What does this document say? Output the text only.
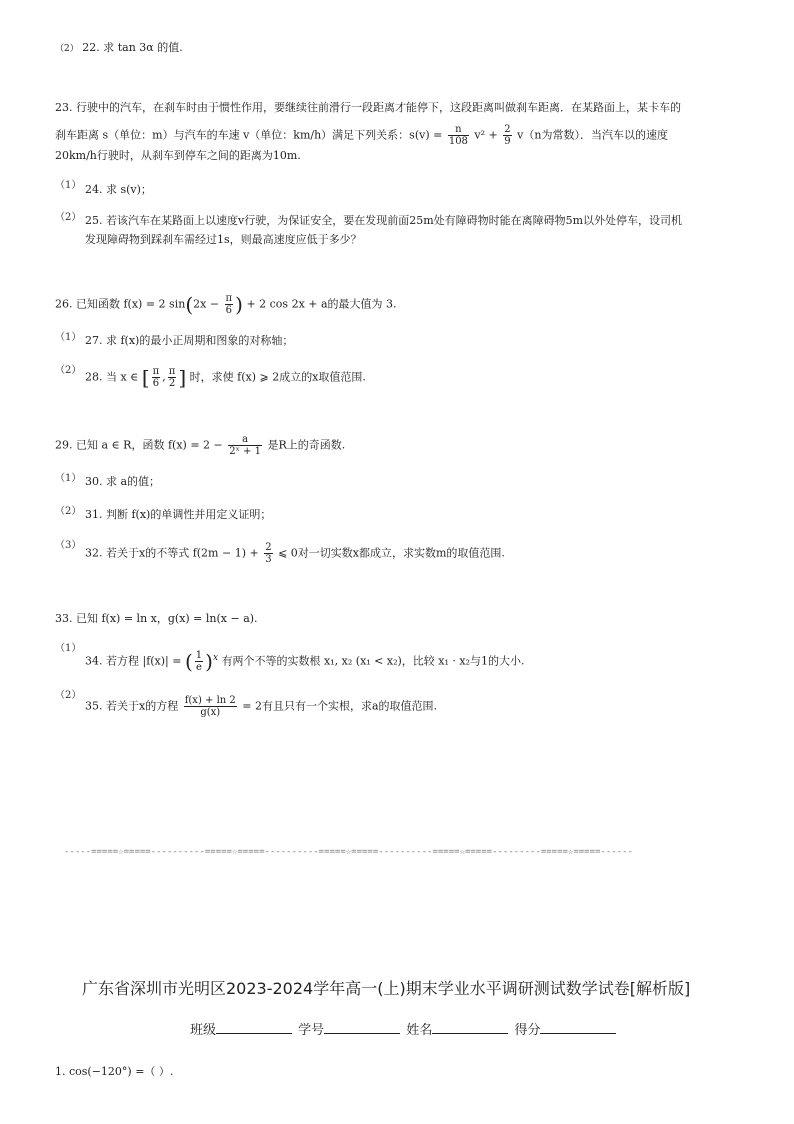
（2） 22. 求 tan 3α 的值.
23. 行驶中的汽车，在刹车时由于惯性作用，要继续往前滑行一段距离才能停下，这段距离叫做刹车距离．在某路面上，某卡车的
刹车距离 s（单位：m）与汽车的车速 v（单位：km/h）满足下列关系：$s(v) = \frac{n}{108} v^2 + \frac{2}{9} v(n$为常数）．当汽车以的速度
20km/h行驶时，从刹车到停车之间的距离为10m.
（1） 24. 求 s(v)；
（2） 25. 若该汽车在某路面上以速度v行驶，为保证安全，要在发现前面25m处有障碍物时能在离障碍物5m以外处停车，设司机
发现障碍物到踩刹车需经过1s，则最高速度应低于多少？
26. 已知函数 f(x) = 2 $\sin(2x - \frac{\pi}{6}$ ) + 2 cos 2x + a的最大值为 3.
（1） 27. 求 f(x)的最小正周期和图象的对称轴；
（2） 28. 当 x ∈ [ $\frac{\pi}{6}$ , $\frac{\pi}{2}$ ] 时，求使 f(x) ⩾ 2成立的x取值范围.
29. 已知 a ∈ R，函数 $f(x) = 2 - \frac{a}{\text{2ˣ + 1}}$ 是R上的奇函数.
（1） 30. 求 a的值；
（2） 31. 判断 f(x)的单调性并用定义证明；
（3）
32. 若关于x的不等式 $f(2m - 1) + \frac{2}{3}$ ⩽ 0对一切实数x都成立，求实数m的取值范围.
33. 已知 f(x) = ln x，g(x) = ln(x − a).
（1）
34. 若方程 |f(x)| = ( $\frac{1}{e} )^x$ 有两个不等的实数根 x₁, x₂ (x₁ < x₂)，比较 x₁ · x₂与1的大小.
（2）
35. 若关于x的方程 $\frac{f(x) + \ln 2}{g(x)} = 2$有且只有一个实根，求a的取值范围.
-----=====☆=====----------=====☆=====----------=====☆=====----------=====☆=====---------=====☆=====------
广东省深圳市光明区2023-2024学年高一(上)期末学业水平调研测试数学试卷[解析版]
班级	学号	姓名	得分
1. cos(−120°) =（ ）.
